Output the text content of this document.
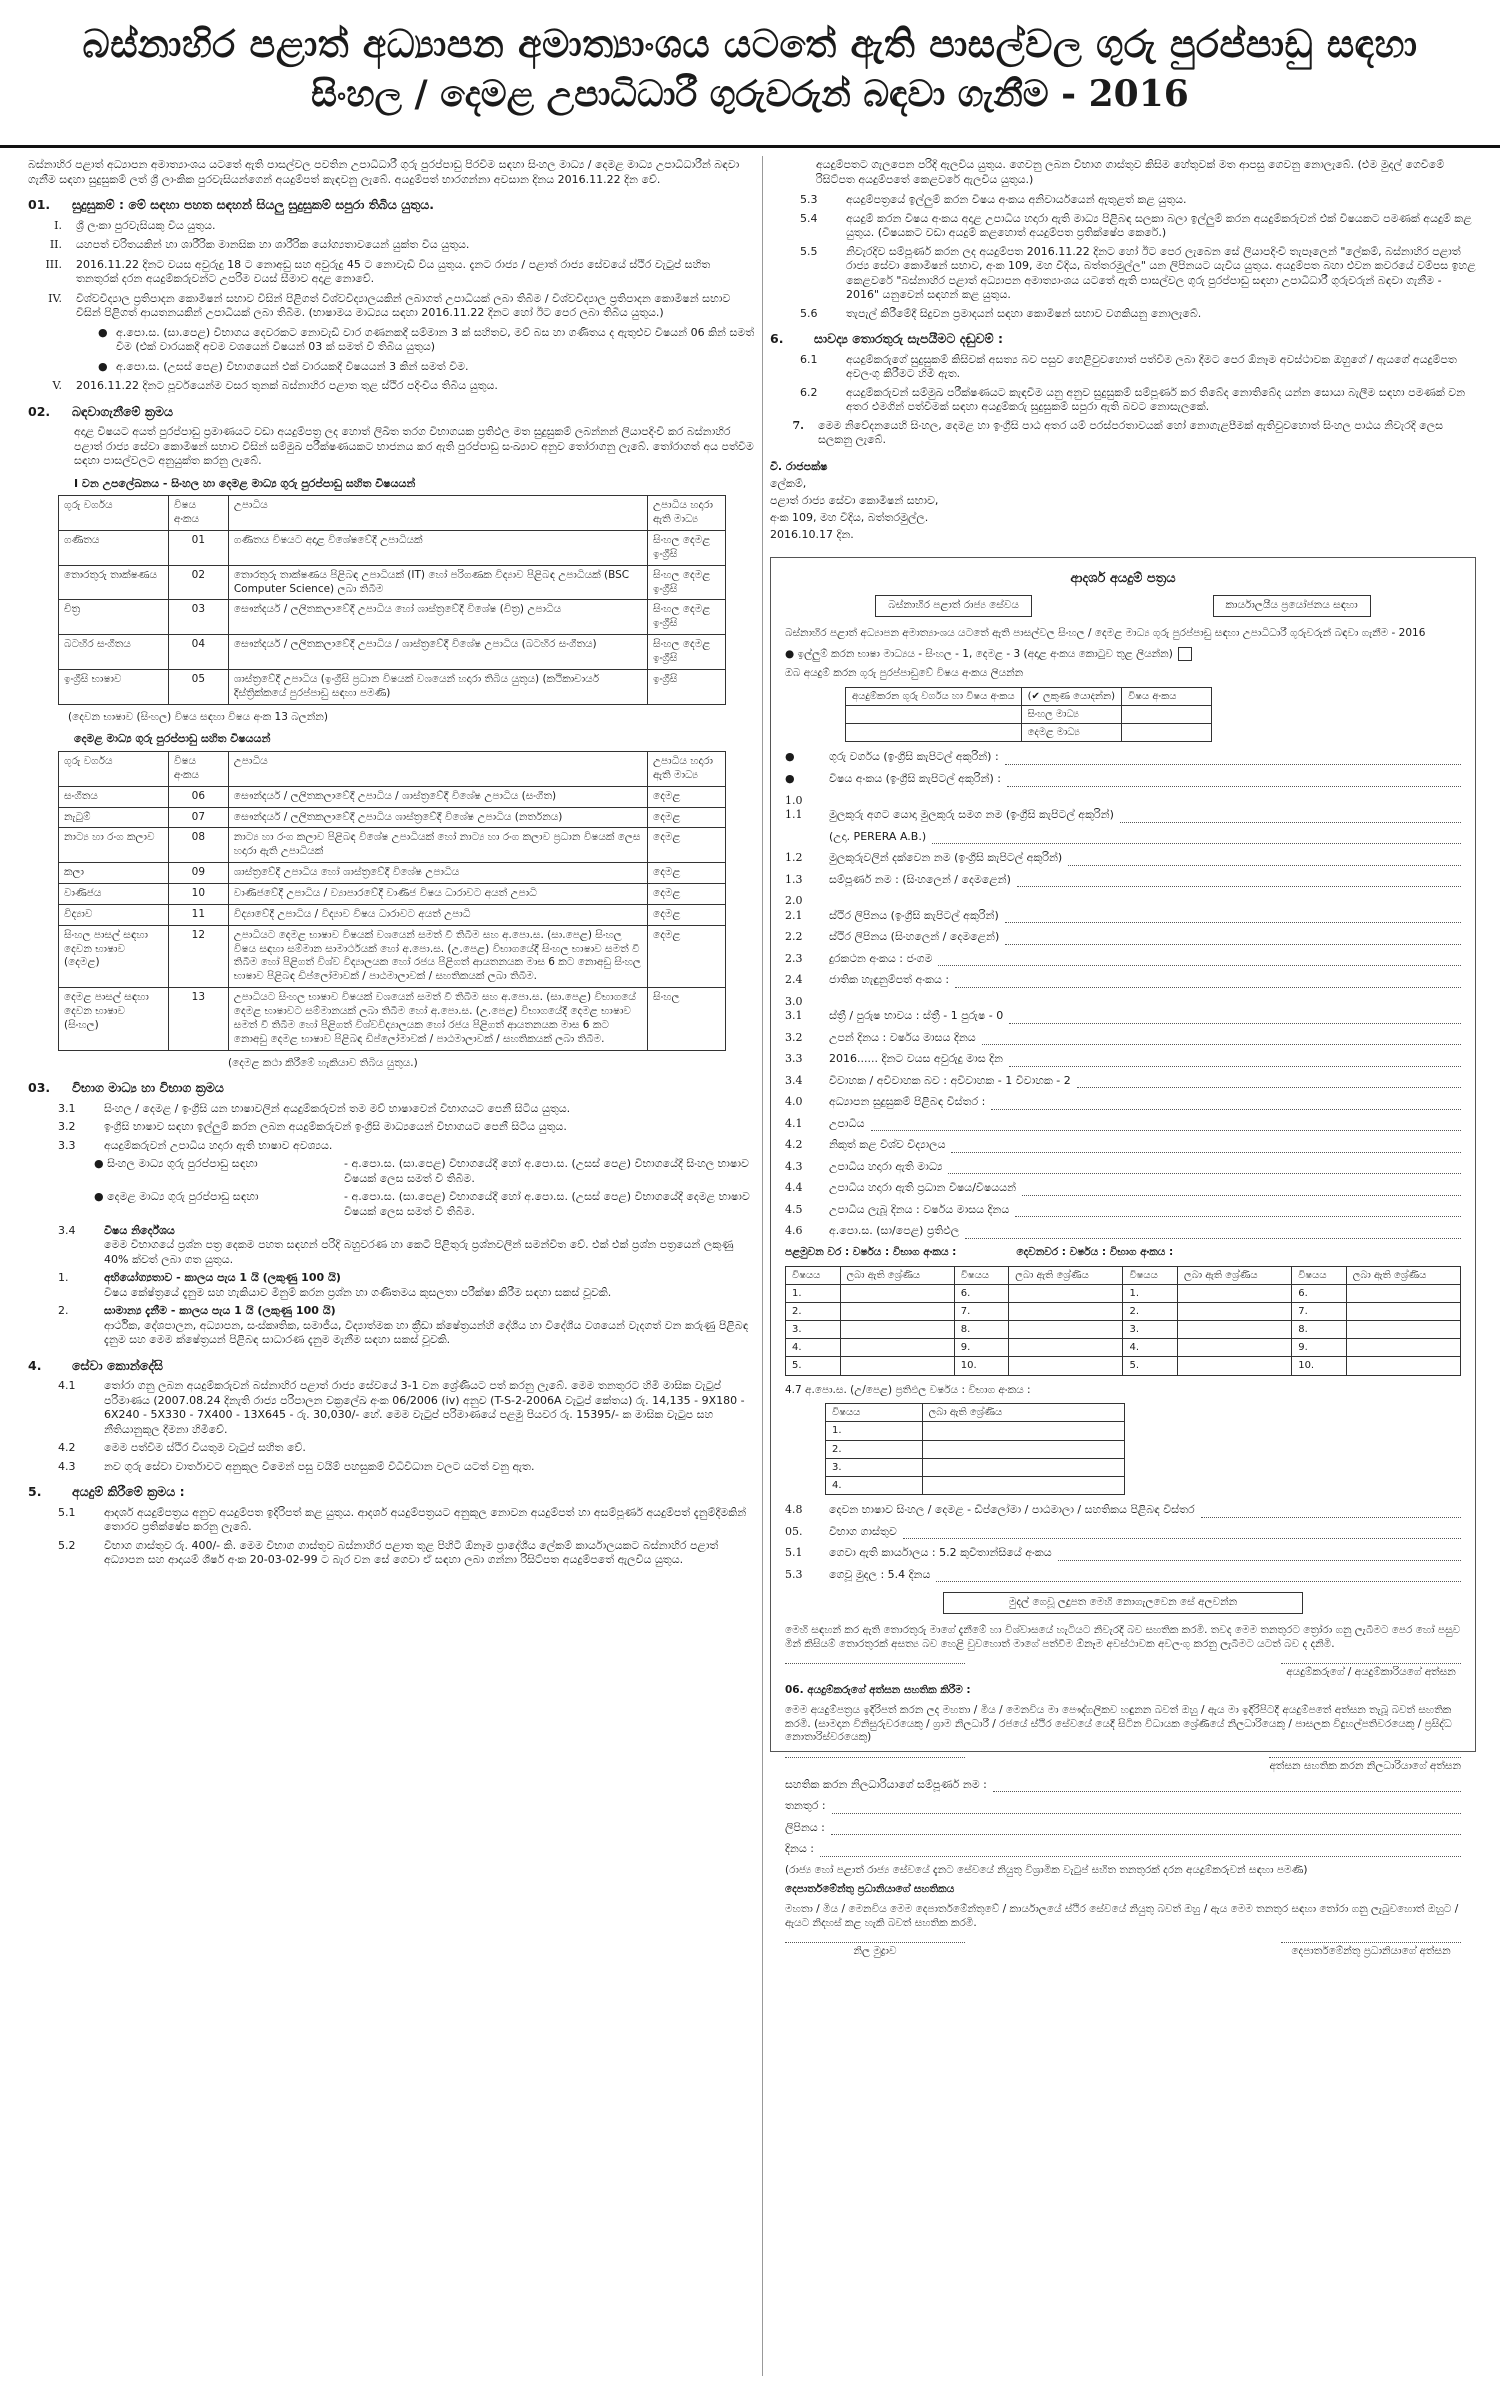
බස්නාහිර පළාත් අධ්‍යාපන අමාත්‍යාංශය යටතේ ඇති පාසල්වල ගුරු පුරප්පාඩු සඳහා
සිංහල / දෙමළ උපාධිධාරී ගුරුවරුන් බඳවා ගැනීම - 2016

බස්නාහිර පළාත් අධ්‍යාපන අමාත්‍යාංශය යටතේ ඇති පාසල්වල පවතින උපාධිධාරී ගුරු පුරප්පාඩු පිරවීම සඳහා සිංහල මාධ්‍ය / දෙමළ මාධ්‍ය උපාධිධාරීන් බඳවා ගැනීම සඳහා සුදුසුකම් ලත් ශ්‍රී ලාංකික පුරවැසියන්ගෙන් අයදුම්පත් කැඳවනු ලැබේ. අයදුම්පත් භාරගන්නා අවසාන දිනය 2016.11.22 දින වේ.

01. සුදුසුකම් : මේ සඳහා පහත සඳහන් සියලු සුදුසුකම් සපුරා තිබිය යුතුය.
I.	ශ්‍රී ලංකා පුරවැසියකු විය යුතුය.
II.	යහපත් චරිතයකින් හා ශාරීරික මානසික හා ශාරීරික යෝග්‍යතාවයෙන් යුක්ත විය යුතුය.
III.	2016.11.22 දිනට වයස අවුරුදු 18 ට නොඅඩු සහ අවුරුදු 45 ට නොවැඩි විය යුතුය. දැනට රාජ්‍ය / පළාත් රාජ්‍ය සේවයේ ස්ථිර වැටුප් සහිත තනතුරක් දරන අයදුම්කරුවන්ට උපරිම වයස් සීමාව අදාළ නොවේ.
IV.	විශ්වවිද්‍යාල ප්‍රතිපාදන කොමිෂන් සභාව විසින් පිළිගත් විශ්වවිද්‍යාලයකින් ලබාගත් උපාධියක් ලබා තිබීම / විශ්වවිද්‍යාල ප්‍රතිපාදන කොමිෂන් සභාව විසින් පිළිගත් ආයතනයකින් උපාධියක් ලබා තිබීම. (භාෂාමය මාධ්‍යය සඳහා 2016.11.22 දිනට හෝ ඊට පෙර ලබා තිබිය යුතුය.)
● අ.පො.ස. (සා.පෙළ) විභාගය දෙවරකට නොවැඩි වාර ගණනකදී සම්මාන 3 ක් සහිතව, මව් බස හා ගණිතය ද ඇතුළුව විෂයන් 06 කින් සමත් වීම (එක් වාරයකදී අවම වශයෙන් විෂයන් 03 ක් සමත් වී තිබිය යුතුය)
● අ.පො.ස. (උසස් පෙළ) විභාගයෙන් එක් වාරයකදී විෂයයන් 3 කින් සමත් වීම.
V.	2016.11.22 දිනට පූර්වයෙන්ම වසර තුනක් බස්නාහිර පළාත තුළ ස්ථිර පදිංචිය තිබිය යුතුය.
02. බඳවාගැනීමේ ක්‍රමය

අදාළ විෂයට අයත් පුරප්පාඩු ප්‍රමාණයට වඩා අයදුම්පත්‍ර ලද හොත් ලිඛිත තරග විභාගයක ප්‍රතිඵල මත සුදුසුකම් ලබන්නන් ලියාපදිංචි කර බස්නාහිර පළාත් රාජ්‍ය සේවා කොමිෂන් සභාව විසින් සම්මුඛ පරීක්ෂණයකට භාජනය කර ඇති පුරප්පාඩු සංඛ්‍යාව අනුව තෝරාගනු ලැබේ. තෝරාගත් අය පත්වීම සඳහා පාසල්වලට අනුයුක්ත කරනු ලැබේ.

I වන උපලේඛනය - සිංහල හා දෙමළ මාධ්‍ය ගුරු පුරප්පාඩු සහිත විෂයයන්
ගුරු වර්ගය	විෂය අංකය	උපාධිය	උපාධිය හදාරා ඇති මාධ්‍ය
ගණිතය	01	ගණිතය විෂයට අදාළ විශේෂවේදී උපාධියක්	සිංහල දෙමළ ඉංග්‍රීසි
තොරතුරු තාක්ෂණය	02	තොරතුරු තාක්ෂණය පිළිබඳ උපාධියක් (IT) හෝ පරිගණක විද්‍යාව පිළිබඳ උපාධියක් (BSC Computer Science) ලබා තිබීම	සිංහල දෙමළ ඉංග්‍රීසි
චිත්‍ර	03	සෞන්දර්ය / ලලිතකලාවේදී උපාධිය හෝ ශාස්ත්‍රවේදී විශේෂ (චිත්‍ර) උපාධිය	සිංහල දෙමළ ඉංග්‍රීසි
බටහිර සංගීතය	04	සෞන්දර්ය / ලලිතකලාවේදී උපාධිය / ශාස්ත්‍රවේදී විශේෂ උපාධිය (බටහිර සංගීතය)	සිංහල දෙමළ ඉංග්‍රීසි
ඉංග්‍රීසි භාෂාව	05	ශාස්ත්‍රවේදී උපාධිය (ඉංග්‍රීසි ප්‍රධාන විෂයක් වශයෙන් හදාරා තිබිය යුතුය) (කථිකාචාර්ය දිස්ත්‍රික්කයේ පුරප්පාඩු සඳහා පමණි)	ඉංග්‍රීසි
(දෙවන භාෂාව (සිංහල) විෂය සඳහා විෂය අංක 13 බලන්න)
දෙමළ මාධ්‍ය ගුරු පුරප්පාඩු සහිත විෂයයන්
ගුරු වර්ගය	විෂය අංකය	උපාධිය	උපාධිය හදාරා ඇති මාධ්‍ය
සංගීතය	06	සෞන්දර්ය / ලලිතකලාවේදී උපාධිය / ශාස්ත්‍රවේදී විශේෂ උපාධිය (සංගීත)	දෙමළ
නැටුම්	07	සෞන්දර්ය / ලලිතකලාවේදී උපාධිය ශාස්ත්‍රවේදී විශේෂ උපාධිය (නර්තනය)	දෙමළ
නාට්‍ය හා රංග කලාව	08	නාට්‍ය හා රංග කලාව පිළිබඳ විශේෂ උපාධියක් හෝ නාට්‍ය හා රංග කලාව ප්‍රධාන විෂයක් ලෙස හදාරා ඇති උපාධියක්	දෙමළ
කලා	09	ශාස්ත්‍රවේදී උපාධිය හෝ ශාස්ත්‍රවේදී විශේෂ උපාධිය	දෙමළ
වාණිජය	10	වාණිජවේදී උපාධිය / ව්‍යාපාරවේදී වාණිජ විෂය ධාරාවට අයත් උපාධි	දෙමළ
විද්‍යාව	11	විද්‍යාවේදී උපාධිය / විද්‍යාව විෂය ධාරාවට අයත් උපාධි	දෙමළ
සිංහල පාසල් සඳහා දෙවන භාෂාව (දෙමළ)	12	උපාධියට දෙමළ භාෂාව විෂයක් වශයෙන් සමත් වී තිබීම සහ අ.පො.ස. (සා.පෙළ) සිංහල විෂය සඳහා සම්මාන සාමාර්ථයක් හෝ අ.පො.ස. (උ.පෙළ) විභාගයේදී සිංහල භාෂාව සමත් වී තිබීම හෝ පිළිගත් විශ්ව විද්‍යාලයක හෝ රජය පිළිගත් ආයතනයක මාස 6 කට නොඅඩු සිංහල භාෂාව පිළිබඳ ඩිප්ලෝමාවක් / පාඨමාලාවක් / සහතිකයක් ලබා තිබීම.	දෙමළ
දෙමළ පාසල් සඳහා දෙවන භාෂාව (සිංහල)	13	උපාධියට සිංහල භාෂාව විෂයක් වශයෙන් සමත් වී තිබීම සහ අ.පො.ස. (සා.පෙළ) විභාගයේ දෙමළ භාෂාවට සම්මානයක් ලබා තිබීම හෝ අ.පො.ස. (උ.පෙළ) විභාගයේදී දෙමළ භාෂාව සමත් වී තිබීම හෝ පිළිගත් විශ්වවිද්‍යාලයක හෝ රජය පිළිගත් ආයතනයක මාස 6 කට නොඅඩු දෙමළ භාෂාව පිළිබඳ ඩිප්ලෝමාවක් / පාඨමාලාවක් / සහතිකයක් ලබා තිබීම.	සිංහල
(දෙමළ කථා කිරීමේ හැකියාව තිබිය යුතුය.)
03. විභාග මාධ්‍ය හා විභාග ක්‍රමය
3.1	සිංහල / දෙමළ / ඉංග්‍රීසි යන භාෂාවලින් අයදුම්කරුවන් තම මව් භාෂාවෙන් විභාගයට පෙනී සිටිය යුතුය.
3.2	ඉංග්‍රීසි භාෂාව සඳහා ඉල්ලුම් කරන ලබන අයදුම්කරුවන් ඉංග්‍රීසි මාධ්‍යයෙන් විභාගයට පෙනී සිටිය යුතුය.
3.3	අයදුම්කරුවන් උපාධිය හදාරා ඇති භාෂාව අවශ්‍යය.
● සිංහල මාධ්‍ය ගුරු පුරප්පාඩු සඳහා	- අ.පො.ස. (සා.පෙළ) විභාගයේදී හෝ අ.පො.ස. (උසස් පෙළ) විභාගයේදී සිංහල භාෂාව විෂයක් ලෙස සමත් වී තිබීම.
● දෙමළ මාධ්‍ය ගුරු පුරප්පාඩු සඳහා	- අ.පො.ස. (සා.පෙළ) විභාගයේදී හෝ අ.පො.ස. (උසස් පෙළ) විභාගයේදී දෙමළ භාෂාව විෂයක් ලෙස සමත් වී තිබීම.
3.4	විෂය නිර්දේශය
මෙම විභාගයේ ප්‍රශ්න පත්‍ර දෙකම පහත සඳහන් පරිදි බහුවරණ හා කෙටි පිළිතුරු ප්‍රශ්නවලින් සමන්විත වේ. එක් එක් ප්‍රශ්න පත්‍රයෙන් ලකුණු 40% ක්වත් ලබා ගත යුතුය.
1.	අභියෝග්‍යතාව - කාලය පැය 1 යි (ලකුණු 100 යි)
විෂය කේෂ්ත්‍රයේ දැනුම සහ හැකියාව මිනුම් කරන ප්‍රශ්න හා ගණිතමය කුසලතා පරීක්ෂා කිරීම සඳහා සකස් වූවකි.
2.	සාමාන්‍ය දැනීම - කාලය පැය 1 යි (ලකුණු 100 යි)
ආර්ථික, දේශපාලන, අධ්‍යාපන, සංස්කෘතික, සමාජීය, විද්‍යාත්මක හා ක්‍රීඩා ක්ෂේත්‍රයන්හි දේශීය හා විදේශීය වශයෙන් වැදගත් වන කරුණු පිළිබඳ දැනුම සහ මෙම ක්ෂේත්‍රයන් පිළිබඳ සාධාරණ දැනුම මැනීම සඳහා සකස් වූවකි.
4. සේවා කොන්දේසි
4.1	තෝරා ගනු ලබන අයදුම්කරුවන් බස්නාහිර පළාත් රාජ්‍ය සේවයේ 3-1 වන ශ්‍රේණියට පත් කරනු ලැබේ. මෙම තනතුරට හිමි මාසික වැටුප් පරිමාණය (2007.08.24 දිනැති රාජ්‍ය පරිපාලන චක්‍රලේඛ අංක 06/2006 (iv) අනුව (T-S-2-2006A වැටුප් කේතය) රු. 14,135 - 9X180 - 6X240 - 5X330 - 7X400 - 13X645 - රු. 30,030/- හේ. මෙම වැටුප් පරිමාණයේ පළමු පියවර රු. 15395/- ක මාසික වැටුප සහ නීතියානුකූල දීමනා හිමිවේ.
4.2	මෙම පත්වීම ස්ථිර වියතුම වැටුප් සහිත වේ.
4.3	නව ගුරු සේවා වාර්තාවට අනුකූල වීමෙන් පසු වයිම් පහසුකම් විධිවිධාන වලට යටත් වනු ඇත.
5. අයදුම් කිරීමේ ක්‍රමය :
5.1	ආදර්ශ අයදුම්පත්‍රය අනුව අයදුම්පත ඉදිරිපත් කළ යුතුය. ආදර්ශ අයදුම්පත්‍රයට අනුකූල නොවන අයදුම්පත් හා අසම්පූර්ණ අයදුම්පත් දැනුම්දීමකින් තොරව ප්‍රතික්ෂේප කරනු ලැබේ.
5.2	විභාග ගාස්තුව රු. 400/- කි. මෙම විභාග ගාස්තුව බස්නාහිර පළාත තුළ පිහිටි ඕනෑම ප්‍රාදේශීය ලේකම් කාර්යාලයකට බස්නාහිර පළාත් අධ්‍යාපන සහ ආදායම් ශීර්ෂ අංක 20-03-02-99 ට බැර වන සේ ගෙවා ඒ සඳහා ලබා ගන්නා රිසිට්පත අයදුම්පතේ ඇලවිය යුතුය.

අයදුම්පතට ගැලපෙන පරිදි ඇලවිය යුතුය. ගෙවනු ලබන විභාග ගාස්තුව කිසිම හේතුවක් මත ආපසු ගෙවනු නොලැබේ. (එම මුදල් ගෙවීමේ රිසිට්පත අයදුම්පතේ කෙළවරේ ඇලවිය යුතුය.)

5.3	අයදුම්පත්‍රයේ ඉල්ලුම් කරන විෂය අංකය අනිවාර්යයෙන් ඇතුළත් කළ යුතුය.
5.4	අයදුම් කරන විෂය අංකය අදාළ උපාධිය හදාරා ඇති මාධ්‍ය පිළිබඳ සලකා බලා ඉල්ලුම් කරන අයදුම්කරුවන් එක් විෂයකට පමණක් අයදුම් කළ යුතුය. (විෂයකට වඩා අයදුම් කළහොත් අයදුම්පත ප්‍රතික්ෂේප කෙරේ.)
5.5	නිවැරදිව සම්පූර්ණ කරන ලද අයදුම්පත 2016.11.22 දිනට හෝ ඊට පෙර ලැබෙන සේ ලියාපදිංචි තැපෑලෙන් "ලේකම්, බස්නාහිර පළාත් රාජ්‍ය සේවා කොමිෂන් සභාව, අංක 109, මහ වීදිය, බත්තරමුල්ල" යන ලිපිනයට යැවිය යුතුය. අයදුම්පත බහා එවන කවරයේ වම්පස ඉහළ කෙළවරේ "බස්නාහිර පළාත් අධ්‍යාපන අමාත්‍යාංශය යටතේ ඇති පාසල්වල ගුරු පුරප්පාඩු සඳහා උපාධිධාරී ගුරුවරුන් බඳවා ගැනීම - 2016" යනුවෙන් සඳහන් කළ යුතුය.
5.6	තැපැල් කිරීමේදී සිදුවන ප්‍රමාදයන් සඳහා කොමිෂන් සභාව වගකියනු නොලැබේ.
6. සාවද්‍ය තොරතුරු සැපයීමට දඬුවම් :
6.1	අයදුම්කරුගේ සුදුසුකම් කිසිවක් අසත්‍ය බව පසුව හෙළිවුවහොත් පත්වීම ලබා දීමට පෙර ඕනෑම අවස්ථාවක ඔහුගේ / ඇයගේ අයදුම්පත අවලංගු කිරීමට හිමි ඇත.
6.2	අයදුම්කරුවන් සම්මුඛ පරීක්ෂණයට කැඳවීම යනු අනුව සුදුසුකම් සම්පූර්ණ කර තිබේද නොතිබේද යන්න සොයා බැලීම සඳහා පමණක් වන අතර එමගින් පත්වීමක් සඳහා අයදුම්කරු සුදුසුකම් සපුරා ඇති බවට නොසැලකේ.
7.	මෙම නිවේදනයෙහි සිංහල, දෙමළ හා ඉංග්‍රීසි පාඨ අතර යම් පරස්පරතාවයක් හෝ නොගැළපීමක් ඇතිවුවහොත් සිංහල පාඨය නිවැරදි ලෙස සලකනු ලැබේ.
වී. රාජපක්ෂ
ලේකම්,
පළාත් රාජ්‍ය සේවා කොමිෂන් සභාව,
අංක 109, මහ වීදිය, බත්තරමුල්ල.
2016.10.17 දින.
ආදර්ශ අයදුම් පත්‍රය
බස්නාහිර පළාත් රාජ්‍ය සේවය	කාර්යාලයීය ප්‍රයෝජනය සඳහා
බස්නාහිර පළාත් අධ්‍යාපන අමාත්‍යාංශය යටතේ ඇති පාසල්වල සිංහල / දෙමළ මාධ්‍ය ගුරු පුරප්පාඩු සඳහා උපාධිධාරී ගුරුවරුන් බඳවා ගැනීම - 2016
● ඉල්ලුම් කරන භාෂා මාධ්‍යය - සිංහල - 1, දෙමළ - 3 (අදාළ අංකය කොටුව තුළ ලියන්න)
ඔබ අයදුම් කරන ගුරු පුරප්පාඩුවේ විෂය අංකය ලියන්න
අයදුම්කරන ගුරු වර්ගය හා විෂය අංකය	(✔ ලකුණ යොදන්න)	විෂය අංකය
	සිංහල මාධ්‍ය	
	දෙමළ මාධ්‍ය	
●	ගුරු වර්ගය (ඉංග්‍රීසි කැපිටල් අකුරින්) :
●	විෂය අංකය (ඉංග්‍රීසි කැපිටල් අකුරින්) :
1.0 1.1	මුලකුරු අගට යොදා මුලකුරු සමග නම (ඉංග්‍රීසි කැපිටල් අකුරින්)
(උදා. PERERA A.B.)
1.2	මුලකුරුවලින් දක්වෙන නම (ඉංග්‍රීසි කැපිටල් අකුරින්)
1.3	සම්පූර්ණ නම : (සිංහලෙන් / දෙමළෙන්)
2.0 2.1	ස්ථිර ලිපිනය (ඉංග්‍රීසි කැපිටල් අකුරින්)
2.2	ස්ථිර ලිපිනය (සිංහලෙන් / දෙමළෙන්)
2.3	දුරකථන අංකය : ජංගම
2.4	ජාතික හැඳුනුම්පත් අංකය :
3.0 3.1	ස්ත්‍රී / පුරුෂ භාවය : ස්ත්‍රී - 1 පුරුෂ - 0
3.2	උපන් දිනය : වර්ෂය මාසය දිනය
3.3	2016...... දිනට වයස අවුරුදු මාස දින
3.4	විවාහක / අවිවාහක බව : අවිවාහක - 1 විවාහක - 2
4.0	අධ්‍යාපන සුදුසුකම් පිළිබඳ විස්තර :
4.1	උපාධිය
4.2	නිකුත් කළ විශ්ව විද්‍යාලය
4.3	උපාධිය හදාරා ඇති මාධ්‍ය
4.4	උපාධිය හදාරා ඇති ප්‍රධාන විෂය/විෂයයන්
4.5	උපාධිය ලැබූ දිනය : වර්ෂය මාසය දිනය
4.6	අ.පො.ස. (සා/පෙළ) ප්‍රතිඵල
පළමුවන වර : වර්ෂය : විභාග අංකය :	දෙවනවර : වර්ෂය : විභාග අංකය :
විෂයය	ලබා ඇති ශ්‍රේණිය	විෂයය	ලබා ඇති ශ්‍රේණිය	විෂයය	ලබා ඇති ශ්‍රේණිය	විෂයය	ලබා ඇති ශ්‍රේණිය
1.		6.		1.		6.	
2.		7.		2.		7.	
3.		8.		3.		8.	
4.		9.		4.		9.	
5.		10.		5.		10.	
4.7 අ.පො.ස. (උ/පෙළ) ප්‍රතිඵල වර්ෂය : විභාග අංකය :
විෂයය	ලබා ඇති ශ්‍රේණිය
1.	
2.	
3.	
4.	
4.8	දෙවන භාෂාව සිංහල / දෙමළ - ඩිප්ලෝමා / පාඨමාලා / සහතිකය පිළිබඳ විස්තර
05.	විභාග ගාස්තුව
5.1	ගෙවා ඇති කාර්යාලය : 5.2 කුවිතාන්සියේ අංකය
5.3	ගෙවූ මුදල : 5.4 දිනය
මුදල් ගෙවූ ලදුපත මෙහි නොගැලවෙන සේ අලවන්න
මෙහි සඳහන් කර ඇති තොරතුරු මාගේ දැනීමේ හා විශ්වාසයේ හැටියට නිවැරදි බව සහතික කරමි. තවද මෙම තනතුරට ත්‍රෝරා ගනු ලැබීමට පෙර හෝ පසුව මින් කිසියම් තොරතුරක් අසත්‍ය බව හෙළි වුවහොත් මාගේ පත්වීම ඕනෑම අවස්ථාවක අවලංගු කරනු ලැබීමට යටත් බව ද දනිමි.
අයදුම්කරුගේ / අයදුම්කාරියගේ අත්සන
06. අයදුම්කරුගේ අත්සන සහතික කිරීම :
මෙම අයදුම්පත්‍රය ඉදිරිපත් කරන ලද මහතා / මිය / මෙනවිය මා පෞද්ගලිකව හඳුනන බවත් ඔහු / ඇය මා ඉදිරිපිටදී අයදුම්පතේ අත්සන තැබූ බවත් සහතික කරමි. (සාමදාන විනිසුරුවරයෙකු / ග්‍රාම නිලධාරී / රජයේ ස්ථිර සේවයේ යෙදී සිටින විධායක ශ්‍රේණියේ නිලධාරියෙකු / පාසලක විදුහල්පතිවරයෙකු / ප්‍රසිද්ධ නොතාරිස්වරයෙකු)
අත්සන සහතික කරන නිලධාරියාගේ අත්සන
සහතික කරන නිලධාරියාගේ සම්පූර්ණ නම :
තනතුර :
ලිපිනය :
දිනය :
(රාජ්‍ය හෝ පළාත් රාජ්‍ය සේවයේ දැනට සේවයේ නියුතු විශ්‍රාමික වැටුප් සහිත තනතුරක් දරන අයදුම්කරුවන් සඳහා පමණි)
දෙපාර්තමේන්තු ප්‍රධානියාගේ සහතිකය
මහතා / මිය / මෙනවිය මෙම දෙපාර්තමේන්තුවේ / කාර්යාලයේ ස්ථිර සේවයේ නියුතු බවත් ඔහු / ඇය මෙම තනතුර සඳහා තෝරා ගනු ලැබුවහොත් ඔහුට / ඇයට නිදහස් කළ හැකි බවත් සහතික කරමි.
නිල මුද්‍රාව	දෙපාර්තමේන්තු ප්‍රධානියාගේ අත්සන
